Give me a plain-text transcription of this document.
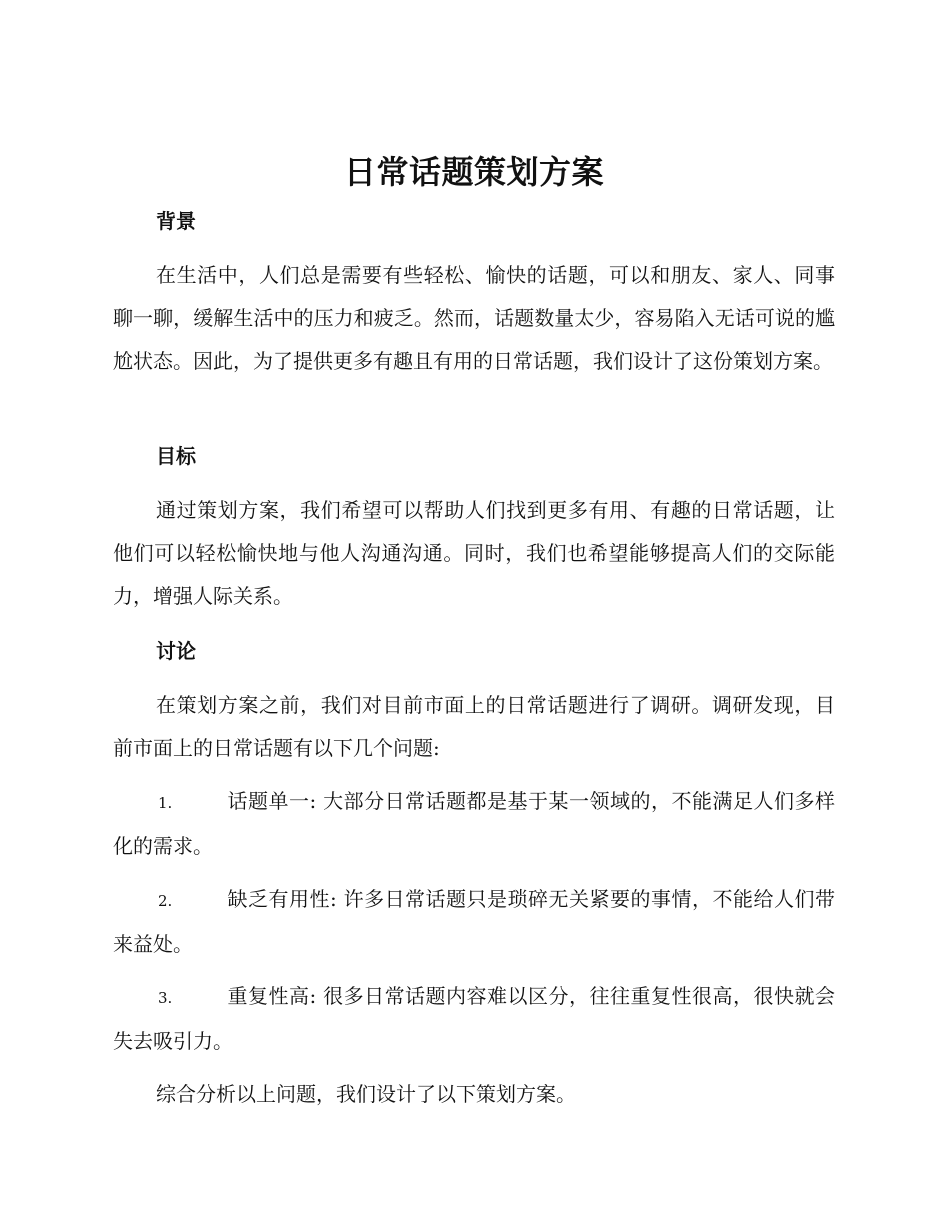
日常话题策划方案
背景

在生活中，人们总是需要有些轻松、愉快的话题，可以和朋友、家人、同事聊一聊，缓解生活中的压力和疲乏。然而，话题数量太少，容易陷入无话可说的尴尬状态。因此，为了提供更多有趣且有用的日常话题，我们设计了这份策划方案。

目标

通过策划方案，我们希望可以帮助人们找到更多有用、有趣的日常话题，让他们可以轻松愉快地与他人沟通沟通。同时，我们也希望能够提高人们的交际能力，增强人际关系。

讨论

在策划方案之前，我们对目前市面上的日常话题进行了调研。调研发现，目前市面上的日常话题有以下几个问题:

1.	话题单一: 大部分日常话题都是基于某一领域的，不能满足人们多样化的需求。

2.	缺乏有用性: 许多日常话题只是琐碎无关紧要的事情，不能给人们带来益处。

3.	重复性高: 很多日常话题内容难以区分，往往重复性很高，很快就会失去吸引力。

综合分析以上问题，我们设计了以下策划方案。
